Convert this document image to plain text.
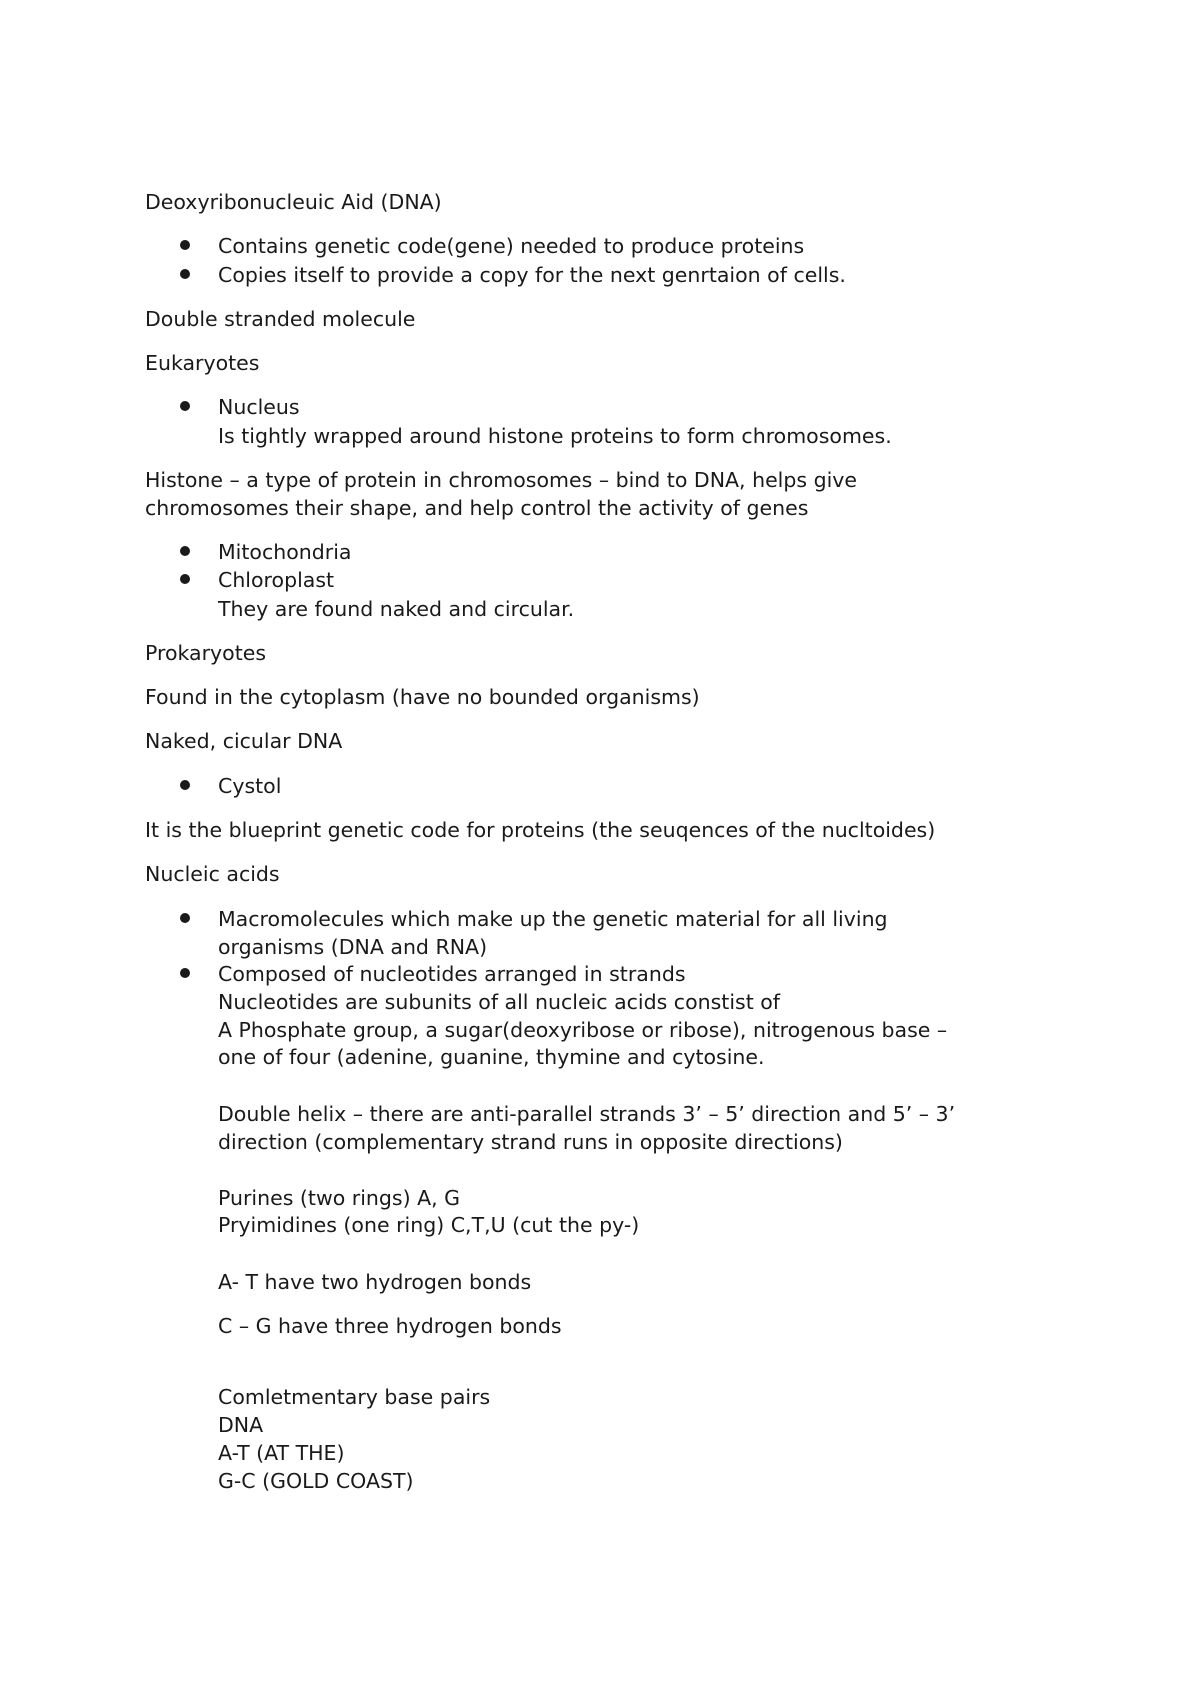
Deoxyribonucleuic Aid (DNA)
Contains genetic code(gene) needed to produce proteins
Copies itself to provide a copy for the next genrtaion of cells.
Double stranded molecule
Eukaryotes
Nucleus
Is tightly wrapped around histone proteins to form chromosomes.
Histone – a type of protein in chromosomes – bind to DNA, helps give
chromosomes their shape, and help control the activity of genes
Mitochondria
Chloroplast
They are found naked and circular.
Prokaryotes
Found in the cytoplasm (have no bounded organisms)
Naked, cicular DNA
Cystol
It is the blueprint genetic code for proteins (the seuqences of the nucltoides)
Nucleic acids
Macromolecules which make up the genetic material for all living
organisms (DNA and RNA)
Composed of nucleotides arranged in strands
Nucleotides are subunits of all nucleic acids constist of
A Phosphate group, a sugar(deoxyribose or ribose), nitrogenous base –
one of four (adenine, guanine, thymine and cytosine.
Double helix – there are anti-parallel strands 3’ – 5’ direction and 5’ – 3’
direction (complementary strand runs in opposite directions)
Purines (two rings) A, G
Pryimidines (one ring) C,T,U (cut the py-)
A- T have two hydrogen bonds
C – G have three hydrogen bonds
Comletmentary base pairs
DNA
A-T (AT THE)
G-C (GOLD COAST)
